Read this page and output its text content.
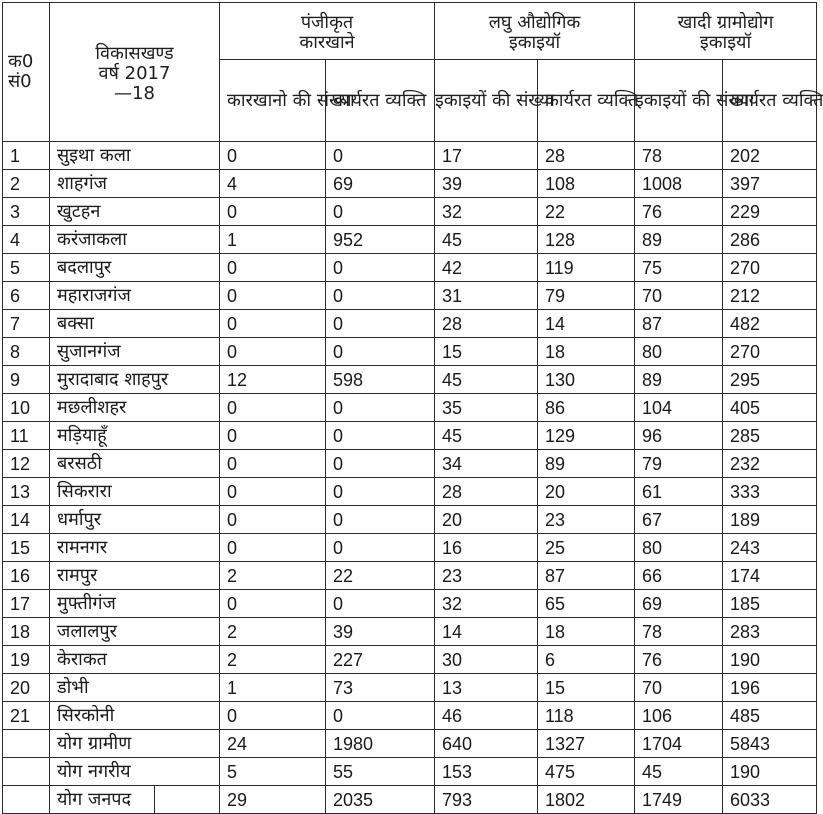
क0 सं0	विकासखण्ड वर्ष 2017—18	पंजीकृत कारखाने		लघु औद्योगिक इकाइयॉ		खादी ग्रामोद्योग इकाइयॉ	
		कारखानो की संख्या	कार्यरत व्यक्ति	इकाइयों की संख्या	कार्यरत व्यक्ति	इकाइयों की संख्या	कार्यरत व्यक्ति
1	सुइथा कला	0	0	17	28	78	202
2	शाहगंज	4	69	39	108	1008	397
3	खुटहन	0	0	32	22	76	229
4	करंजाकला	1	952	45	128	89	286
5	बदलापुर	0	0	42	119	75	270
6	महाराजगंज	0	0	31	79	70	212
7	बक्सा	0	0	28	14	87	482
8	सुजानगंज	0	0	15	18	80	270
9	मुरादाबाद शाहपुर	12	598	45	130	89	295
10	मछलीशहर	0	0	35	86	104	405
11	मड़ियाहूँ	0	0	45	129	96	285
12	बरसठी	0	0	34	89	79	232
13	सिकरारा	0	0	28	20	61	333
14	धर्मापुर	0	0	20	23	67	189
15	रामनगर	0	0	16	25	80	243
16	रामपुर	2	22	23	87	66	174
17	मुफ्तीगंज	0	0	32	65	69	185
18	जलालपुर	2	39	14	18	78	283
19	केराकत	2	227	30	6	76	190
20	डोभी	1	73	13	15	70	196
21	सिरकोनी	0	0	46	118	106	485
	योग ग्रामीण	24	1980	640	1327	1704	5843
	योग नगरीय	5	55	153	475	45	190
	योग जनपद	29	2035	793	1802	1749	6033
